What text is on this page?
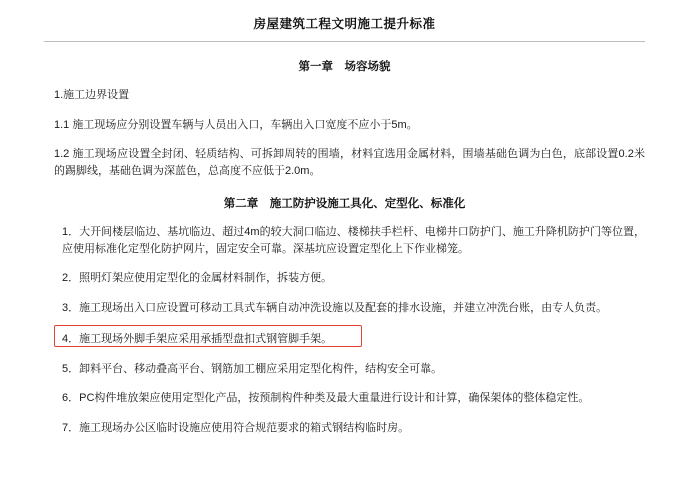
房屋建筑工程文明施工提升标准
第一章　场容场貌
1.施工边界设置
1.1 施工现场应分别设置车辆与人员出入口，车辆出入口宽度不应小于5m。
1.2 施工现场应设置全封闭、轻质结构、可拆卸周转的围墙，材料宜选用金属材料，围墙基础色调为白色，底部设置0.2米的踢脚线，基础色调为深蓝色，总高度不应低于2.0m。
第二章　施工防护设施工具化、定型化、标准化
1．大开间楼层临边、基坑临边、超过4m的较大洞口临边、楼梯扶手栏杆、电梯井口防护门、施工升降机防护门等位置，应使用标准化定型化防护网片，固定安全可靠。深基坑应设置定型化上下作业梯笼。
2．照明灯架应使用定型化的金属材料制作，拆装方便。
3．施工现场出入口应设置可移动工具式车辆自动冲洗设施以及配套的排水设施，并建立冲洗台账，由专人负责。
4．施工现场外脚手架应采用承插型盘扣式钢管脚手架。
5．卸料平台、移动叠高平台、钢筋加工棚应采用定型化构件，结构安全可靠。
6．PC构件堆放架应使用定型化产品，按预制构件种类及最大重量进行设计和计算，确保架体的整体稳定性。
7．施工现场办公区临时设施应使用符合规范要求的箱式钢结构临时房。
